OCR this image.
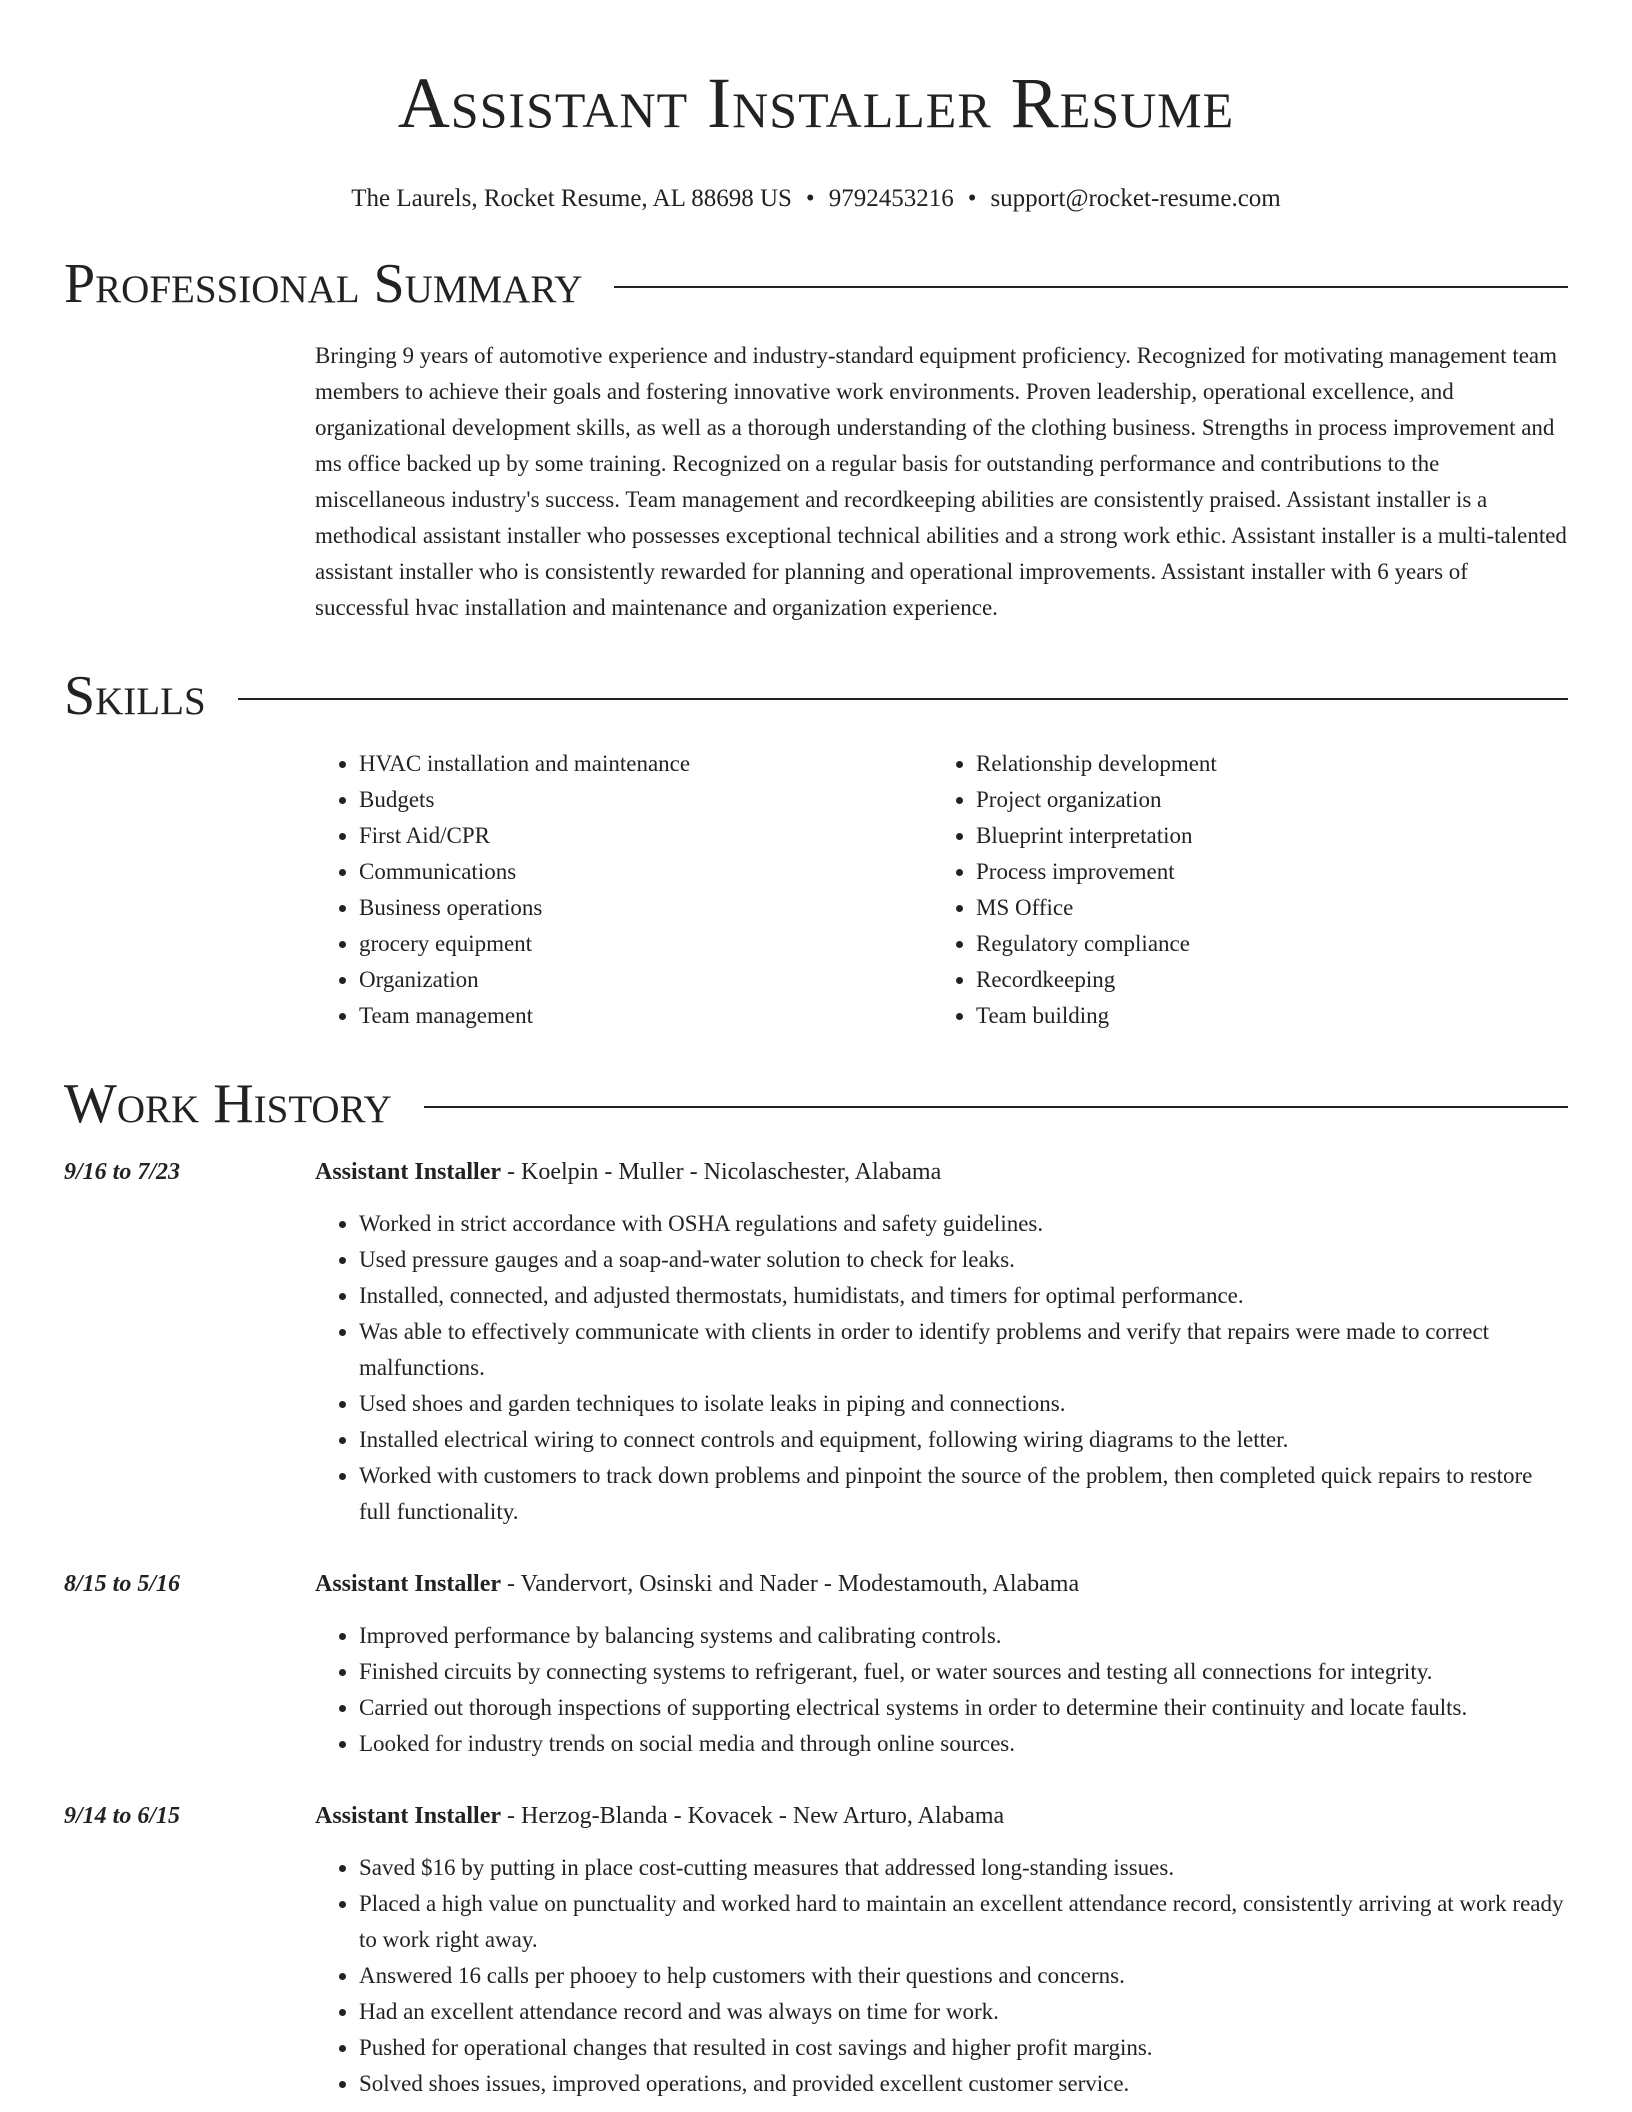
Assistant Installer Resume
The Laurels, Rocket Resume, AL 88698 US • 9792453216 • support@rocket-resume.com
Professional Summary

Bringing 9 years of automotive experience and industry-standard equipment proficiency. Recognized for motivating management team members to achieve their goals and fostering innovative work environments. Proven leadership, operational excellence, and organizational development skills, as well as a thorough understanding of the clothing business. Strengths in process improvement and ms office backed up by some training. Recognized on a regular basis for outstanding performance and contributions to the miscellaneous industry's success. Team management and recordkeeping abilities are consistently praised. Assistant installer is a methodical assistant installer who possesses exceptional technical abilities and a strong work ethic. Assistant installer is a multi-talented assistant installer who is consistently rewarded for planning and operational improvements. Assistant installer with 6 years of successful hvac installation and maintenance and organization experience.

Skills
• HVAC installation and maintenance
• Budgets
• First Aid/CPR
• Communications
• Business operations
• grocery equipment
• Organization
• Team management
• Relationship development
• Project organization
• Blueprint interpretation
• Process improvement
• MS Office
• Regulatory compliance
• Recordkeeping
• Team building
Work History
9/16 to 7/23	Assistant Installer - Koelpin - Muller - Nicolaschester, Alabama
• Worked in strict accordance with OSHA regulations and safety guidelines.
• Used pressure gauges and a soap-and-water solution to check for leaks.
• Installed, connected, and adjusted thermostats, humidistats, and timers for optimal performance.
• Was able to effectively communicate with clients in order to identify problems and verify that repairs were made to correct malfunctions.
• Used shoes and garden techniques to isolate leaks in piping and connections.
• Installed electrical wiring to connect controls and equipment, following wiring diagrams to the letter.
• Worked with customers to track down problems and pinpoint the source of the problem, then completed quick repairs to restore full functionality.
8/15 to 5/16	Assistant Installer - Vandervort, Osinski and Nader - Modestamouth, Alabama
• Improved performance by balancing systems and calibrating controls.
• Finished circuits by connecting systems to refrigerant, fuel, or water sources and testing all connections for integrity.
• Carried out thorough inspections of supporting electrical systems in order to determine their continuity and locate faults.
• Looked for industry trends on social media and through online sources.
9/14 to 6/15	Assistant Installer - Herzog-Blanda - Kovacek - New Arturo, Alabama
• Saved $16 by putting in place cost-cutting measures that addressed long-standing issues.
• Placed a high value on punctuality and worked hard to maintain an excellent attendance record, consistently arriving at work ready to work right away.
• Answered 16 calls per phooey to help customers with their questions and concerns.
• Had an excellent attendance record and was always on time for work.
• Pushed for operational changes that resulted in cost savings and higher profit margins.
• Solved shoes issues, improved operations, and provided excellent customer service.
